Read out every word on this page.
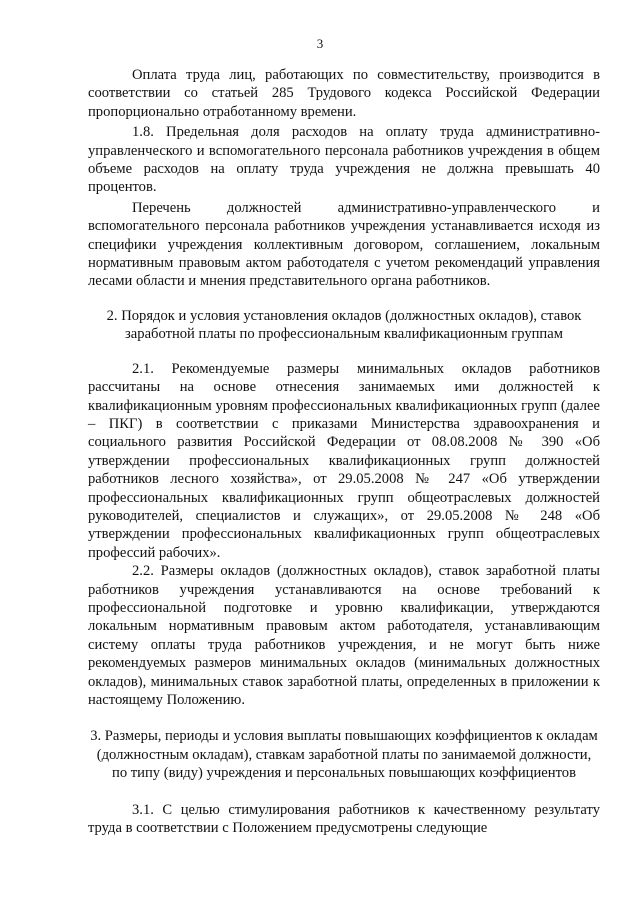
3

Оплата труда лиц, работающих по совместительству, производится в соответствии со статьей 285 Трудового кодекса Российской Федерации пропорционально отработанному времени.

1.8. Предельная доля расходов на оплату труда административно-управленческого и вспомогательного персонала работников учреждения в общем объеме расходов на оплату труда учреждения не должна превышать 40 процентов.

Перечень должностей административно-управленческого и вспомогательного персонала работников учреждения устанавливается исходя из специфики учреждения коллективным договором, соглашением, локальным нормативным правовым актом работодателя с учетом рекомендаций управления лесами области и мнения представительного органа работников.

2. Порядок и условия установления окладов (должностных окладов), ставок заработной платы по профессиональным квалификационным группам

2.1. Рекомендуемые размеры минимальных окладов работников рассчитаны на основе отнесения занимаемых ими должностей к квалификационным уровням профессиональных квалификационных групп (далее – ПКГ) в соответствии с приказами Министерства здравоохранения и социального развития Российской Федерации от 08.08.2008 № 390 «Об утверждении профессиональных квалификационных групп должностей работников лесного хозяйства», от 29.05.2008 № 247 «Об утверждении профессиональных квалификационных групп общеотраслевых должностей руководителей, специалистов и служащих», от 29.05.2008 № 248 «Об утверждении профессиональных квалификационных групп общеотраслевых профессий рабочих».

2.2. Размеры окладов (должностных окладов), ставок заработной платы работников учреждения устанавливаются на основе требований к профессиональной подготовке и уровню квалификации, утверждаются локальным нормативным правовым актом работодателя, устанавливающим систему оплаты труда работников учреждения, и не могут быть ниже рекомендуемых размеров минимальных окладов (минимальных должностных окладов), минимальных ставок заработной платы, определенных в приложении к настоящему Положению.

3. Размеры, периоды и условия выплаты повышающих коэффициентов к окладам (должностным окладам), ставкам заработной платы по занимаемой должности, по типу (виду) учреждения и персональных повышающих коэффициентов

3.1. С целью стимулирования работников к качественному результату труда в соответствии с Положением предусмотрены следующие
